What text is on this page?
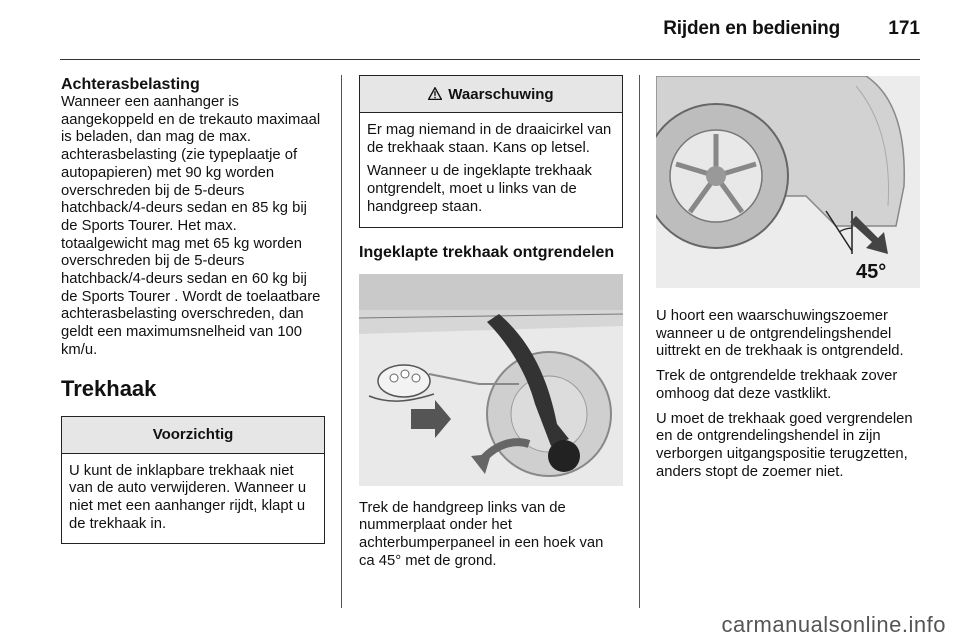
Rijden en bediening	171
Achterasbelasting

Wanneer een aanhanger is aangekoppeld en de trekauto maximaal is beladen, dan mag de max. achterasbelasting (zie typeplaatje of autopapieren) met 90 kg worden overschreden bij de 5-deurs hatchback/4-deurs sedan en 85 kg bij de Sports Tourer. Het max. totaalgewicht mag met 65 kg worden overschreden bij de 5-deurs hatchback/4-deurs sedan en 60 kg bij de Sports Tourer . Wordt de toelaatbare achterasbelasting overschreden, dan geldt een maximumsnelheid van 100 km/u.

Trekhaak
Voorzichtig

U kunt de inklapbare trekhaak niet van de auto verwijderen. Wanneer u niet met een aanhanger rijdt, klapt u de trekhaak in.

Waarschuwing

Er mag niemand in de draaicirkel van de trekhaak staan. Kans op letsel.

Wanneer u de ingeklapte trekhaak ontgrendelt, moet u links van de handgreep staan.

Ingeklapte trekhaak ontgrendelen

Trek de handgreep links van de nummerplaat onder het achterbumperpaneel in een hoek van ca 45° met de grond.

45°

U hoort een waarschuwingszoemer wanneer u de ontgrendelingshendel uittrekt en de trekhaak is ontgrendeld.

Trek de ontgrendelde trekhaak zover omhoog dat deze vastklikt.

U moet de trekhaak goed vergrendelen en de ontgrendelingshendel in zijn verborgen uitgangspositie terugzetten, anders stopt de zoemer niet.

carmanualsonline.info
